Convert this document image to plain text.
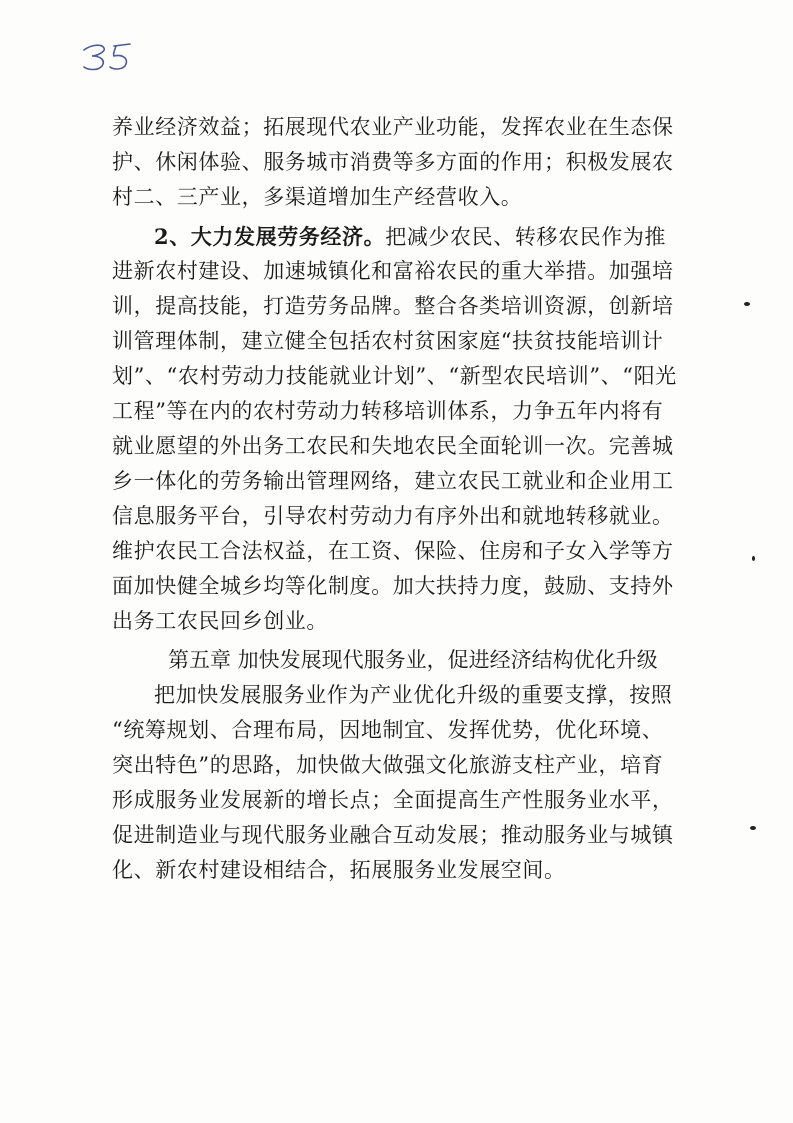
养业经济效益；拓展现代农业产业功能，发挥农业在生态保
护、休闲体验、服务城市消费等多方面的作用；积极发展农
村二、三产业，多渠道增加生产经营收入。
2、大力发展劳务经济。把减少农民、转移农民作为推
进新农村建设、加速城镇化和富裕农民的重大举措。加强培
训，提高技能，打造劳务品牌。整合各类培训资源，创新培
训管理体制，建立健全包括农村贫困家庭“扶贫技能培训计
划”、“农村劳动力技能就业计划”、“新型农民培训”、“阳光
工程”等在内的农村劳动力转移培训体系，力争五年内将有
就业愿望的外出务工农民和失地农民全面轮训一次。完善城
乡一体化的劳务输出管理网络，建立农民工就业和企业用工
信息服务平台，引导农村劳动力有序外出和就地转移就业。
维护农民工合法权益，在工资、保险、住房和子女入学等方
面加快健全城乡均等化制度。加大扶持力度，鼓励、支持外
出务工农民回乡创业。
第五章 加快发展现代服务业，促进经济结构优化升级
把加快发展服务业作为产业优化升级的重要支撑，按照
“统筹规划、合理布局，因地制宜、发挥优势，优化环境、
突出特色”的思路，加快做大做强文化旅游支柱产业，培育
形成服务业发展新的增长点；全面提高生产性服务业水平，
促进制造业与现代服务业融合互动发展；推动服务业与城镇
化、新农村建设相结合，拓展服务业发展空间。
